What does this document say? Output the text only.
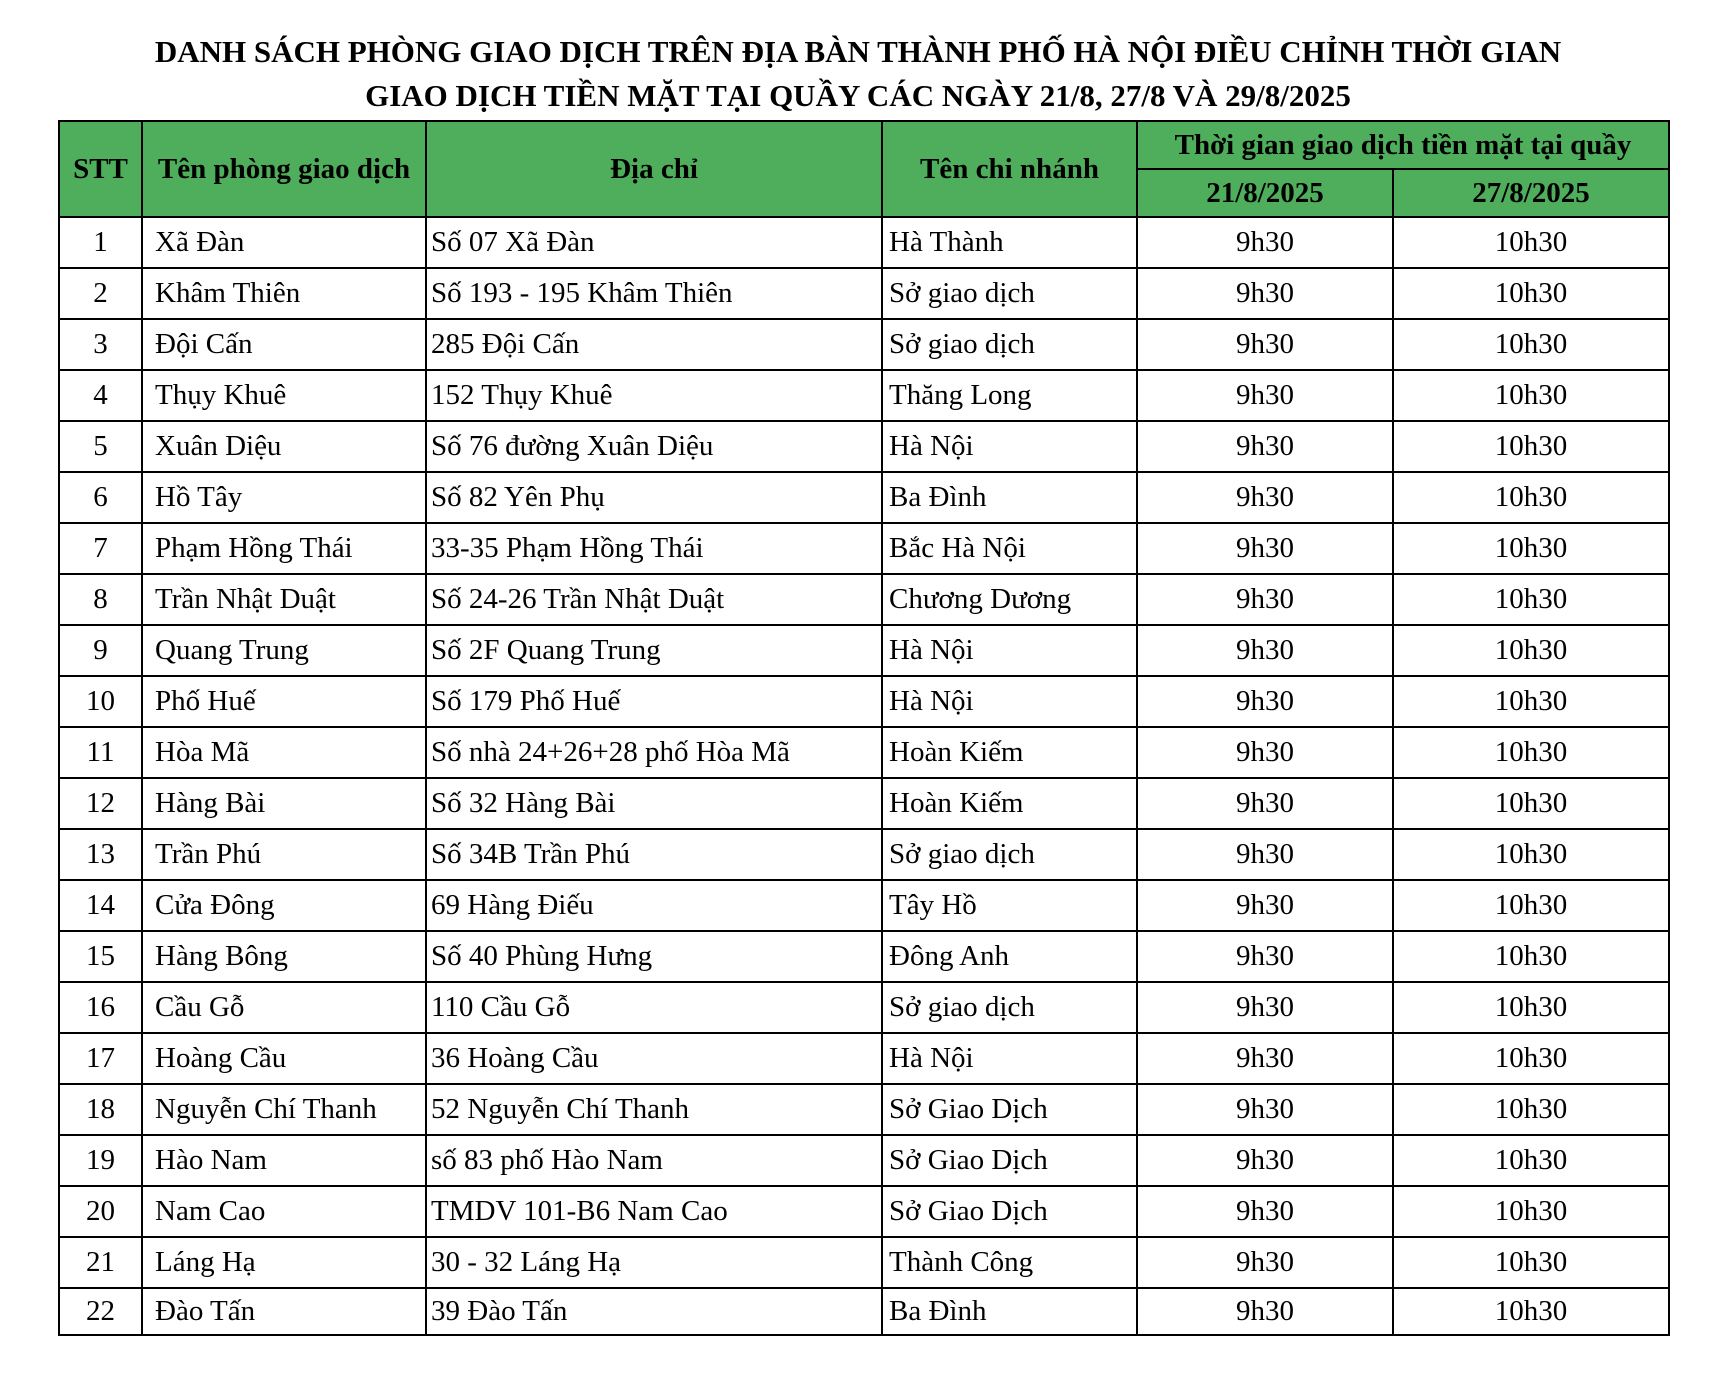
DANH SÁCH PHÒNG GIAO DỊCH TRÊN ĐỊA BÀN THÀNH PHỐ HÀ NỘI ĐIỀU CHỈNH THỜI GIAN
GIAO DỊCH TIỀN MẶT TẠI QUẦY CÁC NGÀY 21/8, 27/8 VÀ 29/8/2025
STT	Tên phòng giao dịch	Địa chỉ	Tên chi nhánh	Thời gian giao dịch tiền mặt tại quầy	
				21/8/2025	27/8/2025
1	Xã Đàn	Số 07 Xã Đàn	Hà Thành	9h30	10h30
2	Khâm Thiên	Số 193 - 195 Khâm Thiên	Sở giao dịch	9h30	10h30
3	Đội Cấn	285 Đội Cấn	Sở giao dịch	9h30	10h30
4	Thụy Khuê	152 Thụy Khuê	Thăng Long	9h30	10h30
5	Xuân Diệu	Số 76 đường Xuân Diệu	Hà Nội	9h30	10h30
6	Hồ Tây	Số 82 Yên Phụ	Ba Đình	9h30	10h30
7	Phạm Hồng Thái	33-35 Phạm Hồng Thái	Bắc Hà Nội	9h30	10h30
8	Trần Nhật Duật	Số 24-26 Trần Nhật Duật	Chương Dương	9h30	10h30
9	Quang Trung	Số 2F Quang Trung	Hà Nội	9h30	10h30
10	Phố Huế	Số 179 Phố Huế	Hà Nội	9h30	10h30
11	Hòa Mã	Số nhà 24+26+28 phố Hòa Mã	Hoàn Kiếm	9h30	10h30
12	Hàng Bài	Số 32 Hàng Bài	Hoàn Kiếm	9h30	10h30
13	Trần Phú	Số 34B Trần Phú	Sở giao dịch	9h30	10h30
14	Cửa Đông	69 Hàng Điếu	Tây Hồ	9h30	10h30
15	Hàng Bông	Số 40 Phùng Hưng	Đông Anh	9h30	10h30
16	Cầu Gỗ	110 Cầu Gỗ	Sở giao dịch	9h30	10h30
17	Hoàng Cầu	36 Hoàng Cầu	Hà Nội	9h30	10h30
18	Nguyễn Chí Thanh	52 Nguyễn Chí Thanh	Sở Giao Dịch	9h30	10h30
19	Hào Nam	số 83 phố Hào Nam	Sở Giao Dịch	9h30	10h30
20	Nam Cao	TMDV 101-B6 Nam Cao	Sở Giao Dịch	9h30	10h30
21	Láng Hạ	30 - 32 Láng Hạ	Thành Công	9h30	10h30
22	Đào Tấn	39 Đào Tấn	Ba Đình	9h30	10h30
